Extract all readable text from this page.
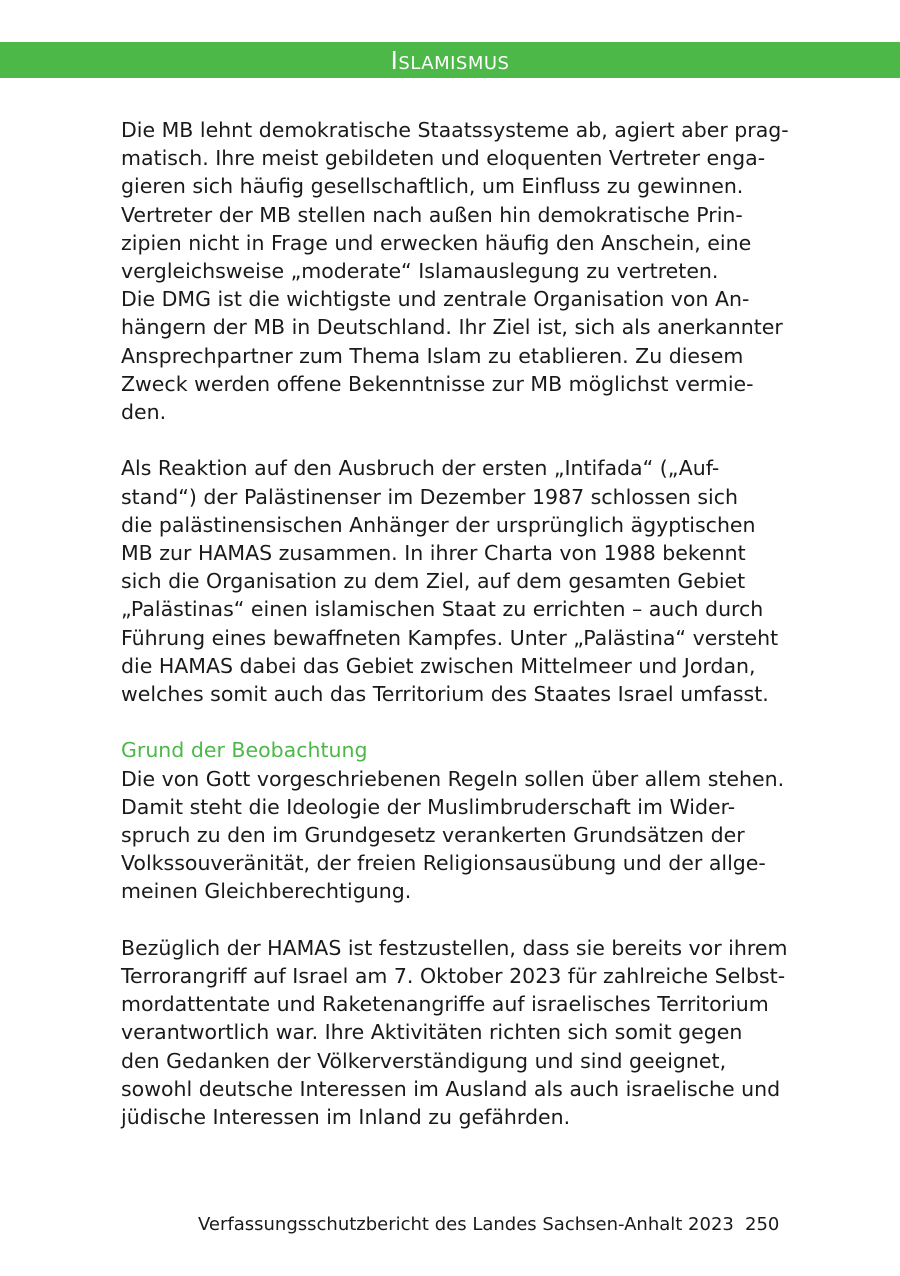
Islamismus

Die MB lehnt demokratische Staatssysteme ab, agiert aber prag-
matisch. Ihre meist gebildeten und eloquenten Vertreter enga-
gieren sich häufig gesellschaftlich, um Einfluss zu gewinnen.
Vertreter der MB stellen nach außen hin demokratische Prin-
zipien nicht in Frage und erwecken häufig den Anschein, eine
vergleichsweise „moderate“ Islamauslegung zu vertreten.
Die DMG ist die wichtigste und zentrale Organisation von An-
hängern der MB in Deutschland. Ihr Ziel ist, sich als anerkannter
Ansprechpartner zum Thema Islam zu etablieren. Zu diesem
Zweck werden offene Bekenntnisse zur MB möglichst vermie-
den.

Als Reaktion auf den Ausbruch der ersten „Intifada“ („Auf-
stand“) der Palästinenser im Dezember 1987 schlossen sich
die palästinensischen Anhänger der ursprünglich ägyptischen
MB zur HAMAS zusammen. In ihrer Charta von 1988 bekennt
sich die Organisation zu dem Ziel, auf dem gesamten Gebiet
„Palästinas“ einen islamischen Staat zu errichten – auch durch
Führung eines bewaffneten Kampfes. Unter „Palästina“ versteht
die HAMAS dabei das Gebiet zwischen Mittelmeer und Jordan,
welches somit auch das Territorium des Staates Israel umfasst.

Grund der Beobachtung

Die von Gott vorgeschriebenen Regeln sollen über allem stehen.
Damit steht die Ideologie der Muslimbruderschaft im Wider-
spruch zu den im Grundgesetz verankerten Grundsätzen der
Volkssouveränität, der freien Religionsausübung und der allge-
meinen Gleichberechtigung.

Bezüglich der HAMAS ist festzustellen, dass sie bereits vor ihrem
Terrorangriff auf Israel am 7. Oktober 2023 für zahlreiche Selbst-
mordattentate und Raketenangriffe auf israelisches Territorium
verantwortlich war. Ihre Aktivitäten richten sich somit gegen
den Gedanken der Völkerverständigung und sind geeignet,
sowohl deutsche Interessen im Ausland als auch israelische und
jüdische Interessen im Inland zu gefährden.

Verfassungsschutzbericht des Landes Sachsen-Anhalt 2023 250
